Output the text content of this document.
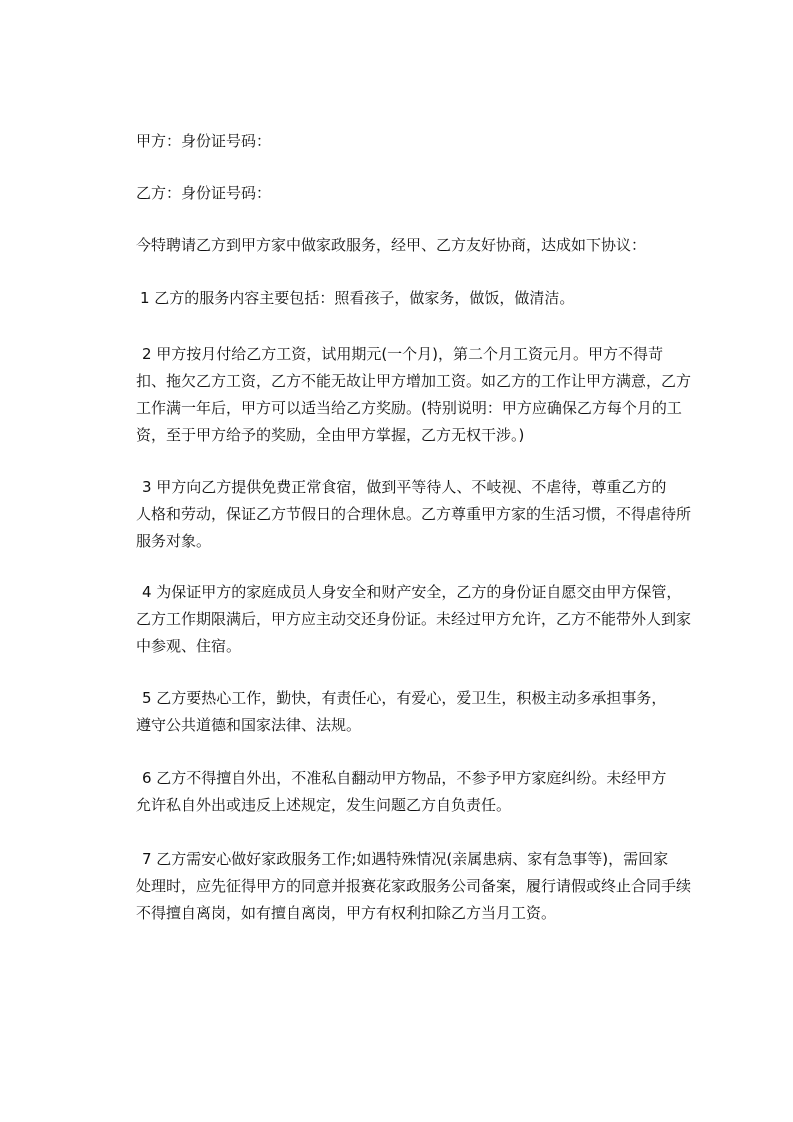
甲方：身份证号码：

乙方：身份证号码：

今特聘请乙方到甲方家中做家政服务，经甲、乙方友好协商，达成如下协议：

1 乙方的服务内容主要包括：照看孩子，做家务，做饭，做清洁。

2 甲方按月付给乙方工资，试用期元(一个月)，第二个月工资元月。甲方不得苛
扣、拖欠乙方工资，乙方不能无故让甲方增加工资。如乙方的工作让甲方满意，乙方
工作满一年后，甲方可以适当给乙方奖励。(特别说明：甲方应确保乙方每个月的工
资，至于甲方给予的奖励，全由甲方掌握，乙方无权干涉。)

3 甲方向乙方提供免费正常食宿，做到平等待人、不岐视、不虐待，尊重乙方的
人格和劳动，保证乙方节假日的合理休息。乙方尊重甲方家的生活习惯，不得虐待所
服务对象。

4 为保证甲方的家庭成员人身安全和财产安全，乙方的身份证自愿交由甲方保管，
乙方工作期限满后，甲方应主动交还身份证。未经过甲方允许，乙方不能带外人到家
中参观、住宿。

5 乙方要热心工作，勤快，有责任心，有爱心，爱卫生，积极主动多承担事务，
遵守公共道德和国家法律、法规。

6 乙方不得擅自外出，不准私自翻动甲方物品，不参予甲方家庭纠纷。未经甲方
允许私自外出或违反上述规定，发生问题乙方自负责任。

7 乙方需安心做好家政服务工作;如遇特殊情况(亲属患病、家有急事等)，需回家
处理时，应先征得甲方的同意并报赛花家政服务公司备案，履行请假或终止合同手续
不得擅自离岗，如有擅自离岗，甲方有权利扣除乙方当月工资。
